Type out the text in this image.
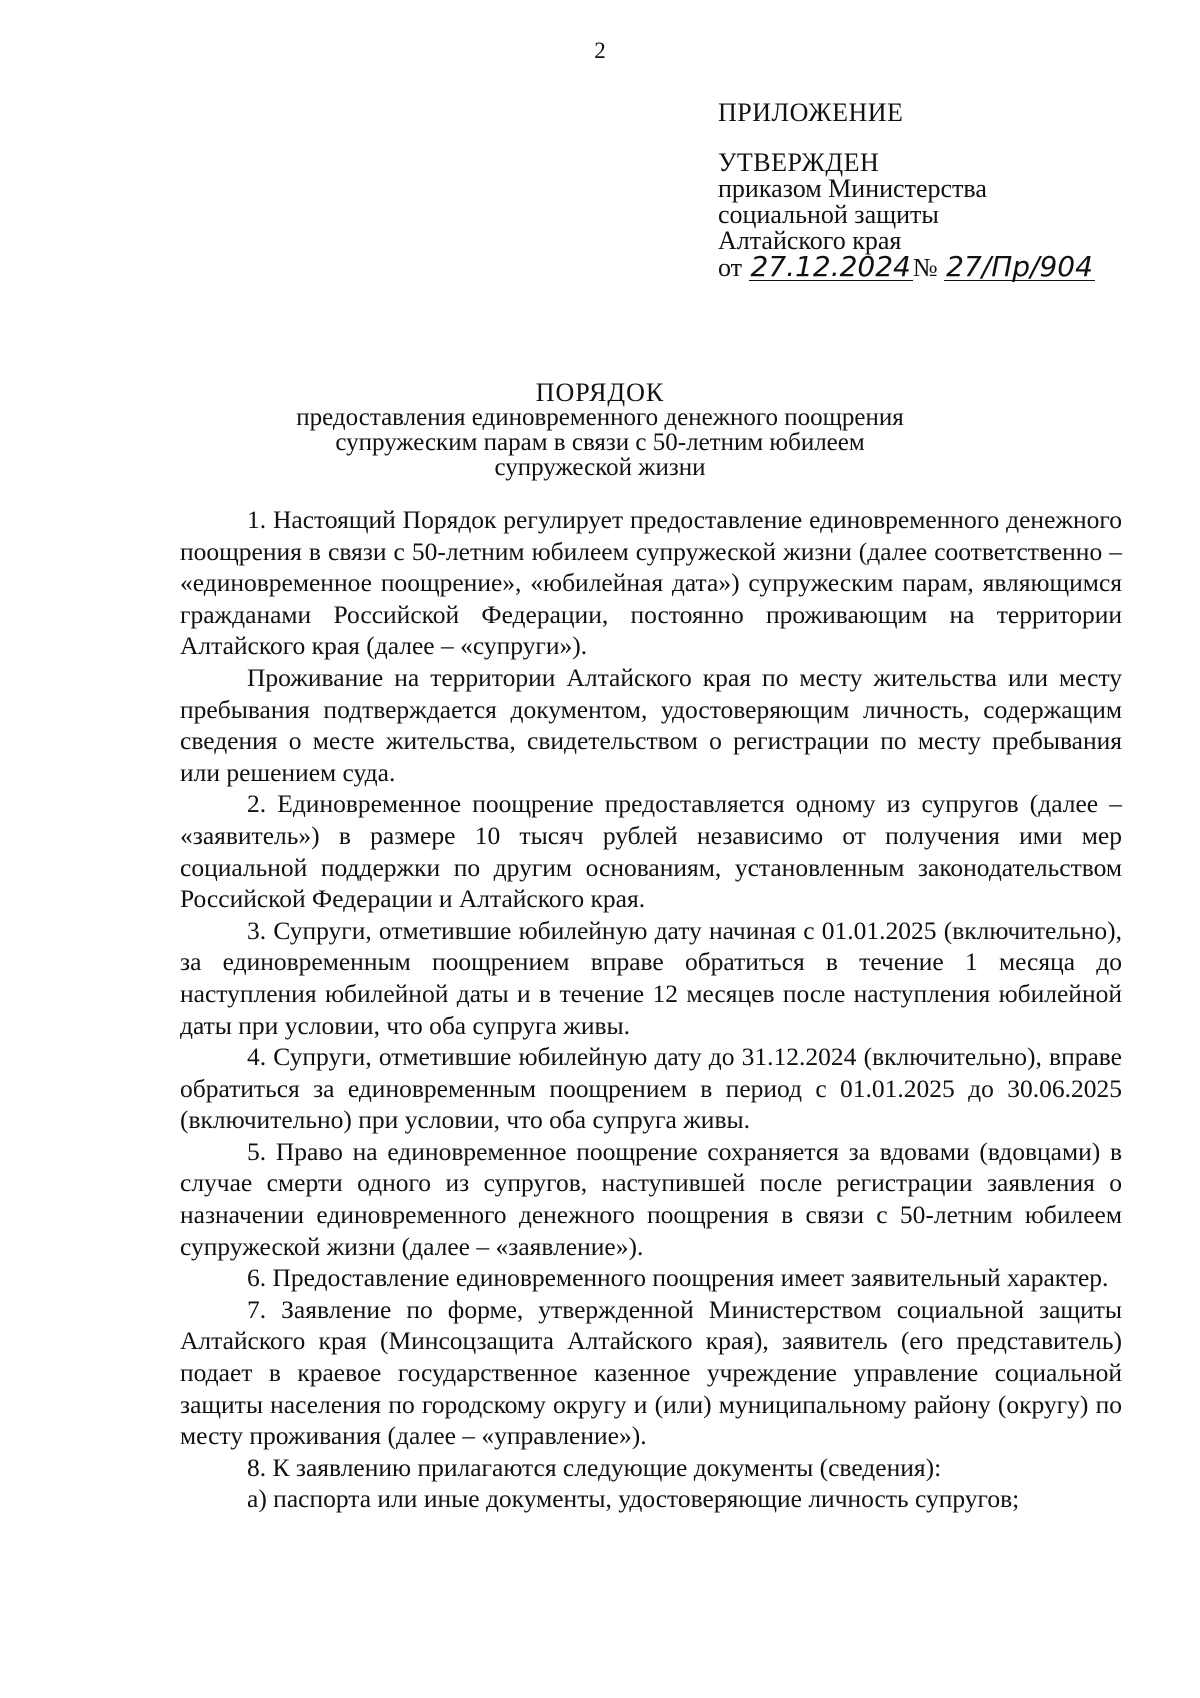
2
ПРИЛОЖЕНИЕ
УТВЕРЖДЕН
приказом Министерства
социальной защиты
Алтайского края
от 27.12.2024№ 27/Пр/904
ПОРЯДОК
предоставления единовременного денежного поощрения
супружеским парам в связи с 50-летним юбилеем
супружеской жизни

1. Настоящий Порядок регулирует предоставление единовременного денежного поощрения в связи с 50-летним юбилеем супружеской жизни (далее соответственно – «единовременное поощрение», «юбилейная дата») супружеским парам, являющимся гражданами Российской Федерации, постоянно проживающим на территории Алтайского края (далее – «супруги»).

Проживание на территории Алтайского края по месту жительства или месту пребывания подтверждается документом, удостоверяющим личность, содержащим сведения о месте жительства, свидетельством о регистрации по месту пребывания или решением суда.

2. Единовременное поощрение предоставляется одному из супругов (далее – «заявитель») в размере 10 тысяч рублей независимо от получения ими мер социальной поддержки по другим основаниям, установленным законодательством Российской Федерации и Алтайского края.

3. Супруги, отметившие юбилейную дату начиная с 01.01.2025 (включительно), за единовременным поощрением вправе обратиться в течение 1 месяца до наступления юбилейной даты и в течение 12 месяцев после наступления юбилейной даты при условии, что оба супруга живы.

4. Супруги, отметившие юбилейную дату до 31.12.2024 (включительно), вправе обратиться за единовременным поощрением в период с 01.01.2025 до 30.06.2025 (включительно) при условии, что оба супруга живы.

5. Право на единовременное поощрение сохраняется за вдовами (вдовцами) в случае смерти одного из супругов, наступившей после регистрации заявления о назначении единовременного денежного поощрения в связи с 50-летним юбилеем супружеской жизни (далее – «заявление»).

6. Предоставление единовременного поощрения имеет заявительный характер.

7. Заявление по форме, утвержденной Министерством социальной защиты Алтайского края (Минсоцзащита Алтайского края), заявитель (его представитель) подает в краевое государственное казенное учреждение управление социальной защиты населения по городскому округу и (или) муниципальному району (округу) по месту проживания (далее – «управление»).

8. К заявлению прилагаются следующие документы (сведения):

а) паспорта или иные документы, удостоверяющие личность супругов;
